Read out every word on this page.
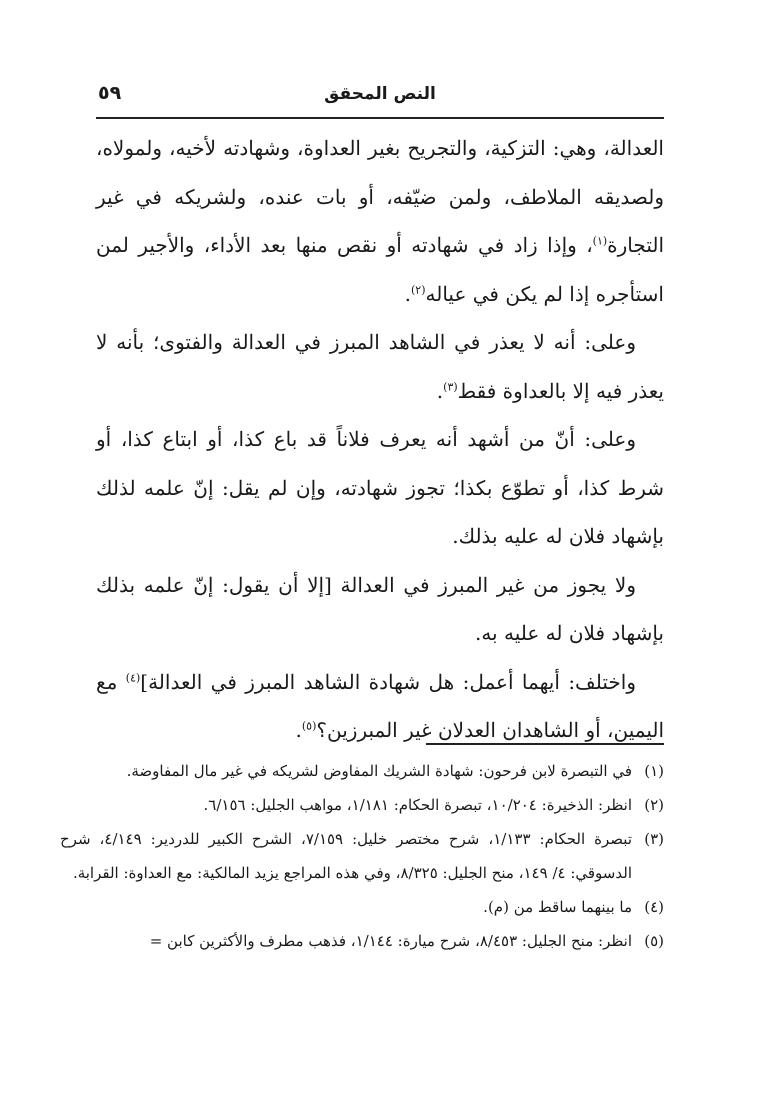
٥٩	النص المحقق

العدالة، وهي: التزكية، والتجريح بغير العداوة، وشهادته لأخيه، ولمولاه، ولصديقه الملاطف، ولمن ضيّفه، أو بات عنده، ولشريكه في غير التجارة$^{(١)}$، وإذا زاد في شهادته أو نقص منها بعد الأداء، والأجير لمن استأجره إذا لم يكن في عياله$^{(٢)}$.

وعلى: أنه لا يعذر في الشاهد المبرز في العدالة والفتوى؛ بأنه لا يعذر فيه إلا بالعداوة فقط$^{(٣)}$.

وعلى: أنّ من أشهد أنه يعرف فلاناً قد باع كذا، أو ابتاع كذا، أو شرط كذا، أو تطوّع بكذا؛ تجوز شهادته، وإن لم يقل: إنّ علمه لذلك بإشهاد فلان له عليه بذلك.

ولا يجوز من غير المبرز في العدالة [إلا أن يقول: إنّ علمه بذلك بإشهاد فلان له عليه به.

واختلف: أيهما أعمل: هل شهادة الشاهد المبرز في العدالة]$^{(٤)}$ مع اليمين، أو الشاهدان العدلان غير المبرزين؟$^{(٥)}$.

(١)
في التبصرة لابن فرحون: شهادة الشريك المفاوض لشريكه في غير مال المفاوضة.
(٢)
انظر: الذخيرة: ١٠/٢٠٤، تبصرة الحكام: ١/١٨١، مواهب الجليل: ٦/١٥٦.
(٣)
تبصرة الحكام: ١/١٣٣، شرح مختصر خليل: ٧/١٥٩، الشرح الكبير للدردير: ٤/١٤٩، شرح الدسوقي: ٤/ ١٤٩، منح الجليل: ٨/٣٢٥، وفي هذه المراجع يزيد المالكية: مع العداوة: القرابة.
(٤)
ما بينهما ساقط من (م).
(٥)
انظر: منح الجليل: ٨/٤٥٣، شرح ميارة: ١/١٤٤، فذهب مطرف والأكثرين كابن =
